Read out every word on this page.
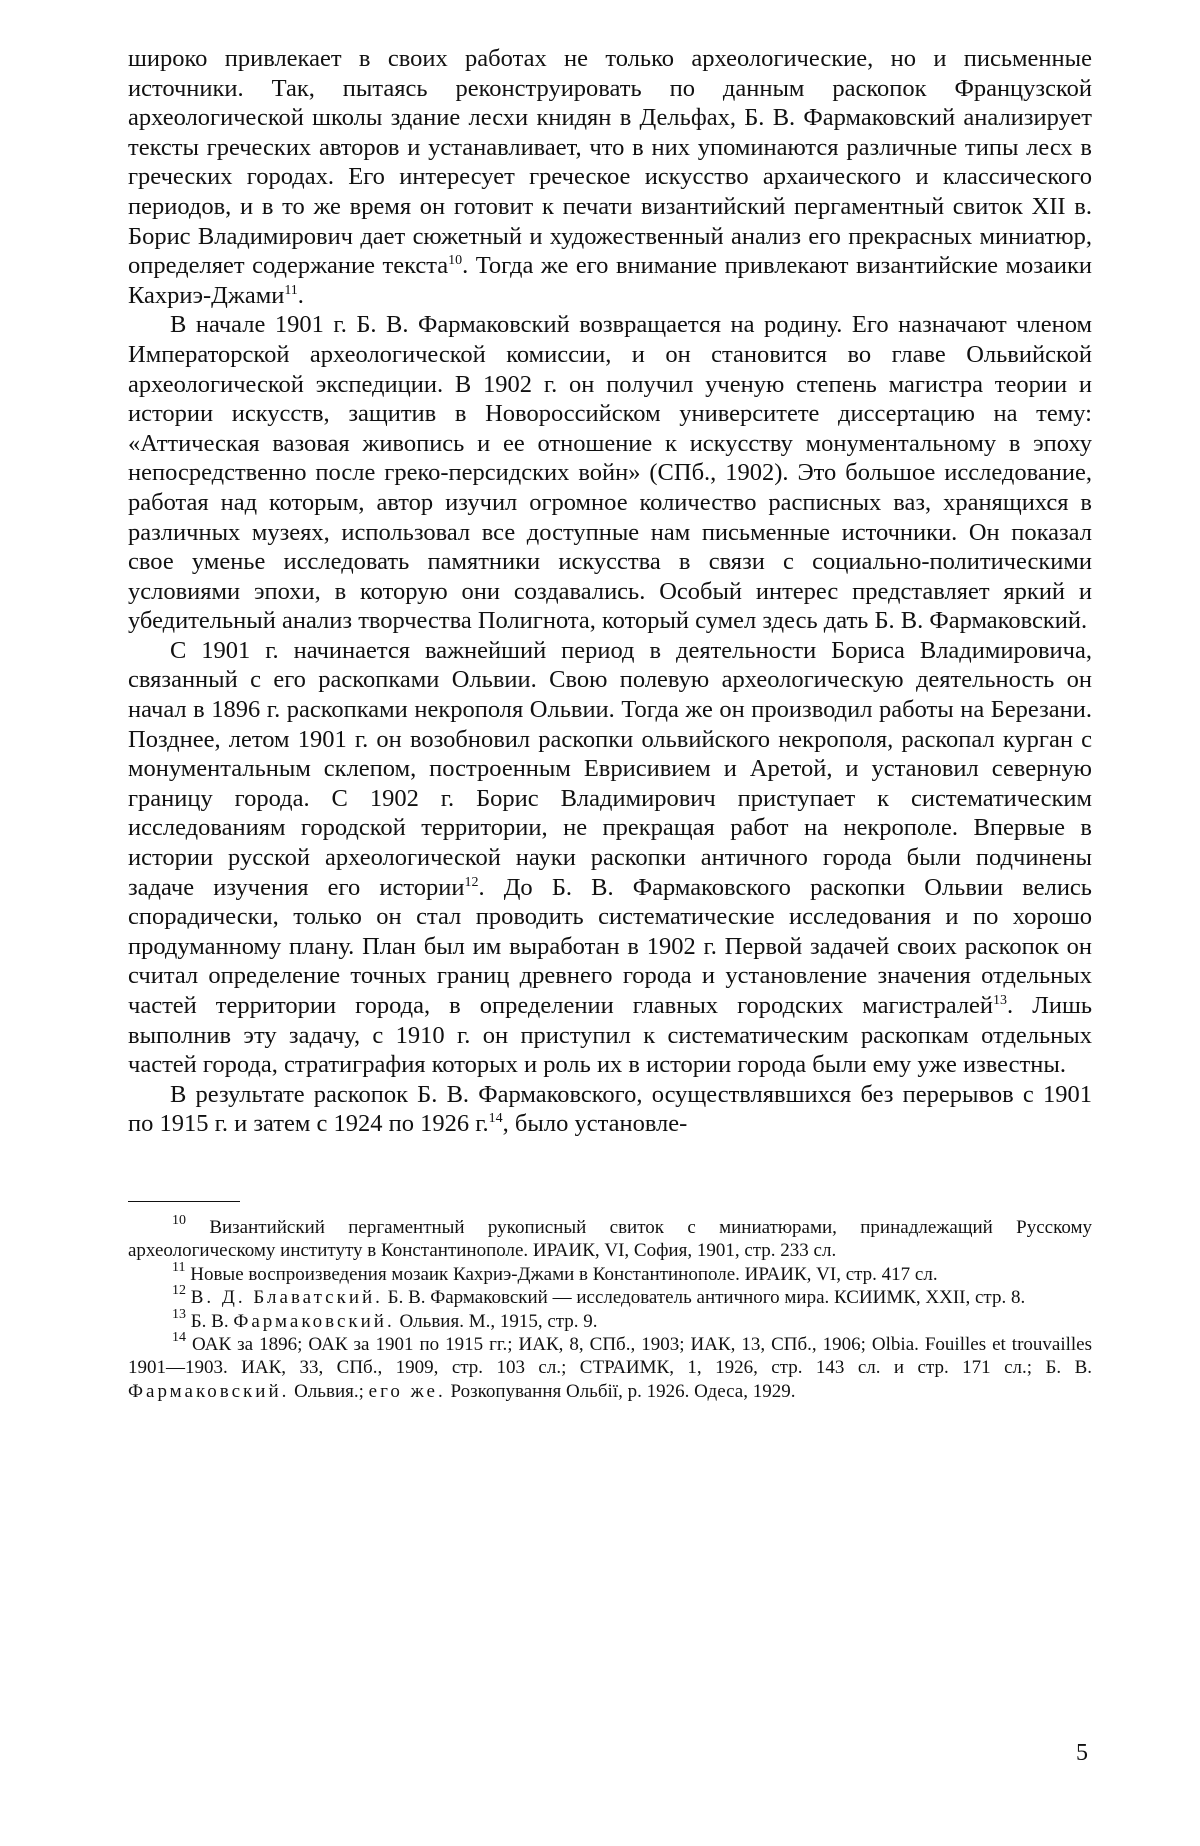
широко привлекает в своих работах не только археологические, но и письменные источники. Так, пытаясь реконструировать по данным раскопок Французской археологической школы здание лесхи книдян в Дельфах, Б. В. Фармаковский анализирует тексты греческих авторов и устанавливает, что в них упоминаются различные типы лесх в греческих городах. Его интересует греческое искусство архаического и классического периодов, и в то же время он готовит к печати византийский пергаментный свиток XII в. Борис Владимирович дает сюжетный и художественный анализ его прекрасных миниатюр, определяет содержание текста$^{10}$. Тогда же его внимание привлекают византийские мозаики Кахриэ-Джами$^{11}$.

В начале 1901 г. Б. В. Фармаковский возвращается на родину. Его назначают членом Императорской археологической комиссии, и он становится во главе Ольвийской археологической экспедиции. В 1902 г. он получил ученую степень магистра теории и истории искусств, защитив в Новороссийском университете диссертацию на тему: «Аттическая вазовая живопись и ее отношение к искусству монументальному в эпоху непосредственно после греко-персидских войн» (СПб., 1902). Это большое исследование, работая над которым, автор изучил огромное количество расписных ваз, хранящихся в различных музеях, использовал все доступные нам письменные источники. Он показал свое уменье исследовать памятники искусства в связи с социально-политическими условиями эпохи, в которую они создавались. Особый интерес представляет яркий и убедительный анализ творчества Полигнота, который сумел здесь дать Б. В. Фармаковский.

С 1901 г. начинается важнейший период в деятельности Бориса Владимировича, связанный с его раскопками Ольвии. Свою полевую археологическую деятельность он начал в 1896 г. раскопками некрополя Ольвии. Тогда же он производил работы на Березани. Позднее, летом 1901 г. он возобновил раскопки ольвийского некрополя, раскопал курган с монументальным склепом, построенным Еврисивием и Аретой, и установил северную границу города. С 1902 г. Борис Владимирович приступает к систематическим исследованиям городской территории, не прекращая работ на некрополе. Впервые в истории русской археологической науки раскопки античного города были подчинены задаче изучения его истории$^{12}$. До Б. В. Фармаковского раскопки Ольвии велись спорадически, только он стал проводить систематические исследования и по хорошо продуманному плану. План был им выработан в 1902 г. Первой задачей своих раскопок он считал определение точных границ древнего города и установление значения отдельных частей территории города, в определении главных городских магистралей$^{13}$. Лишь выполнив эту задачу, с 1910 г. он приступил к систематическим раскопкам отдельных частей города, стратиграфия которых и роль их в истории города были ему уже известны.

В результате раскопок Б. В. Фармаковского, осуществлявшихся без перерывов с 1901 по 1915 г. и затем с 1924 по 1926 г.$^{14}$, было установле-

$^{10}$ Византийский пергаментный рукописный свиток с миниатюрами, принадлежащий Русскому археологическому институту в Константинополе. ИРАИК, VI, София, 1901, стр. 233 сл.

$^{11}$ Новые воспроизведения мозаик Кахриэ-Джами в Константинополе. ИРАИК, VI, стр. 417 сл.

$^{12}$ В. Д. Блаватский. Б. В. Фармаковский — исследователь античного мира. КСИИМК, XXII, стр. 8.

$^{13}$ Б. В. Фармаковский. Ольвия. М., 1915, стр. 9.

$^{14}$ ОАК за 1896; ОАК за 1901 по 1915 гг.; ИАК, 8, СПб., 1903; ИАК, 13, СПб., 1906; Olbia. Fouilles et trouvailles 1901—1903. ИАК, 33, СПб., 1909, стр. 103 сл.; СТРАИМК, 1, 1926, стр. 143 сл. и стр. 171 сл.; Б. В. Фармаковский. Ольвия.; его же. Розкопування Ольбії, р. 1926. Одеса, 1929.

5
